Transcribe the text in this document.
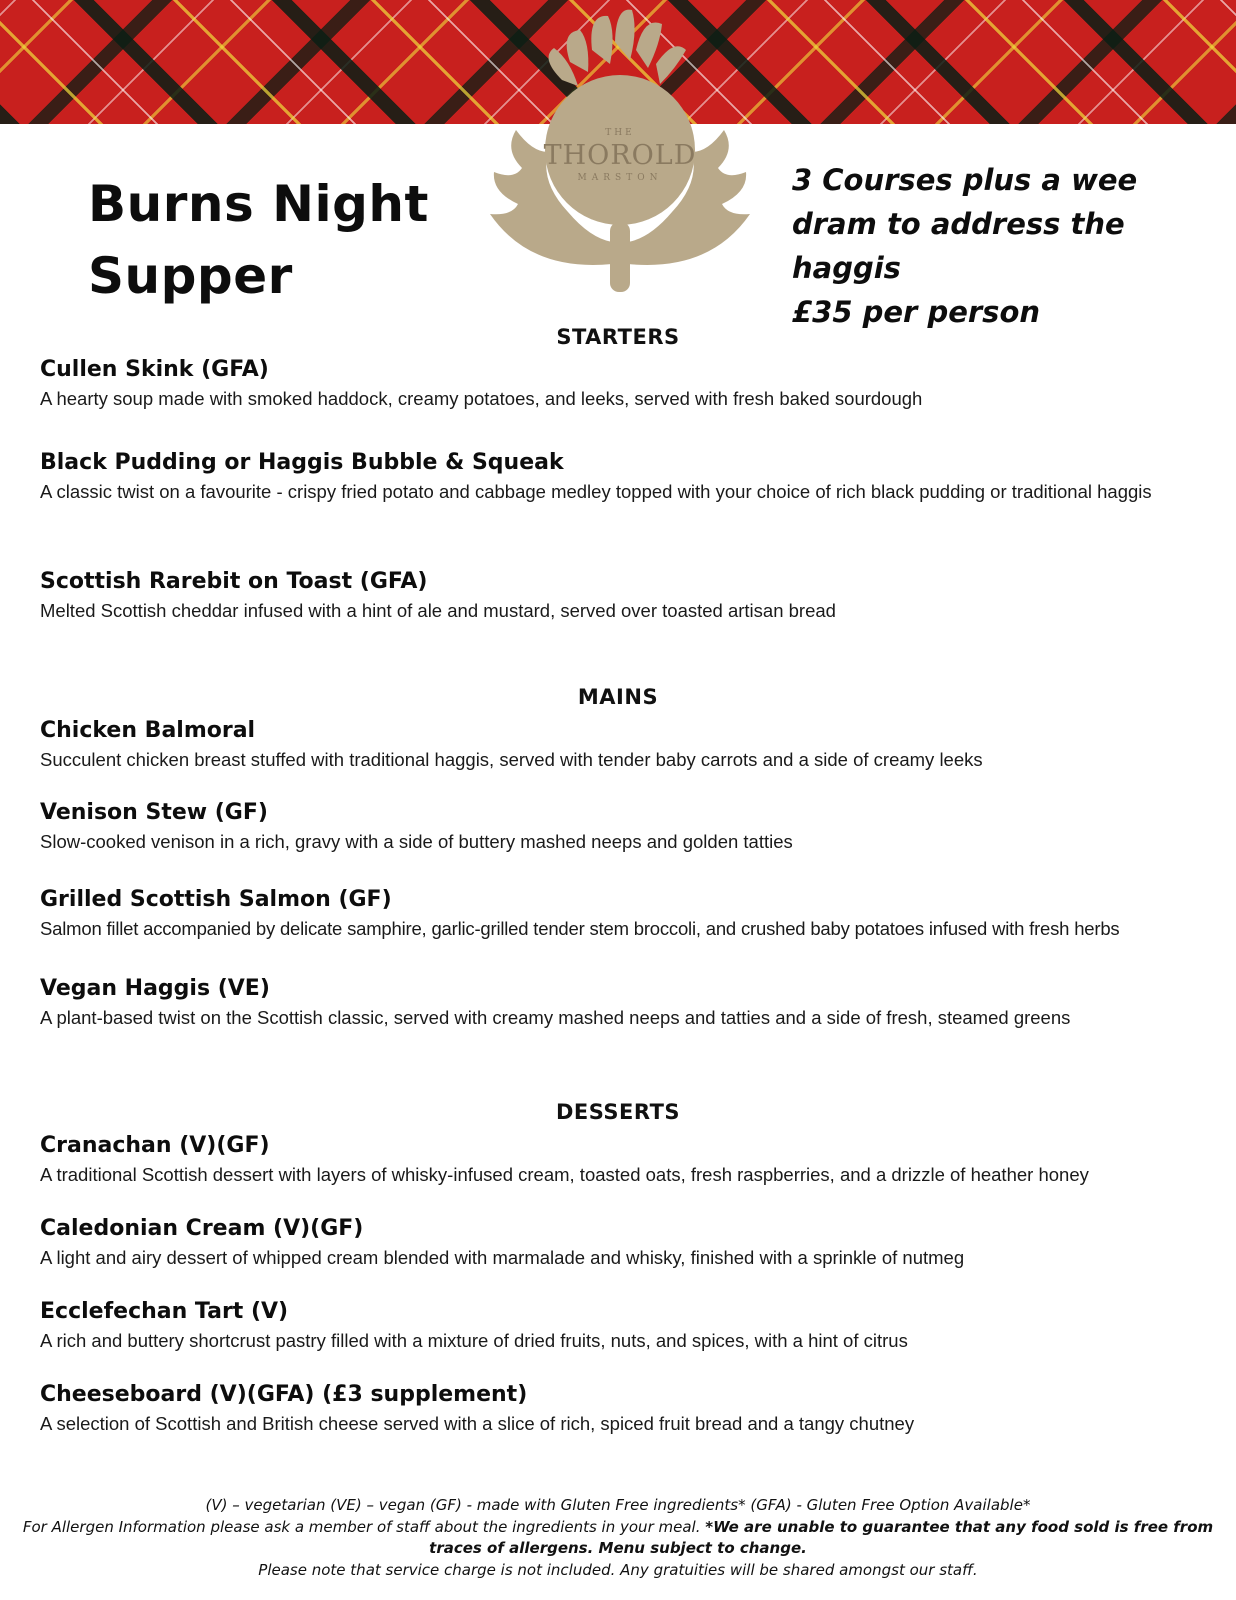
THE
THOROLD
MARSTON
Burns Night
Supper
3 Courses plus a wee
dram to address the
haggis
£35 per person
STARTERS

Cullen Skink (GFA)

A hearty soup made with smoked haddock, creamy potatoes, and leeks, served with fresh baked sourdough

Black Pudding or Haggis Bubble & Squeak

A classic twist on a favourite - crispy fried potato and cabbage medley topped with your choice of rich black pudding or traditional haggis

Scottish Rarebit on Toast (GFA)

Melted Scottish cheddar infused with a hint of ale and mustard, served over toasted artisan bread

MAINS

Chicken Balmoral

Succulent chicken breast stuffed with traditional haggis, served with tender baby carrots and a side of creamy leeks

Venison Stew (GF)

Slow-cooked venison in a rich, gravy with a side of buttery mashed neeps and golden tatties

Grilled Scottish Salmon (GF)

Salmon fillet accompanied by delicate samphire, garlic-grilled tender stem broccoli, and crushed baby potatoes infused with fresh herbs

Vegan Haggis (VE)

A plant-based twist on the Scottish classic, served with creamy mashed neeps and tatties and a side of fresh, steamed greens

DESSERTS

Cranachan (V)(GF)

A traditional Scottish dessert with layers of whisky-infused cream, toasted oats, fresh raspberries, and a drizzle of heather honey

Caledonian Cream (V)(GF)

A light and airy dessert of whipped cream blended with marmalade and whisky, finished with a sprinkle of nutmeg

Ecclefechan Tart (V)

A rich and buttery shortcrust pastry filled with a mixture of dried fruits, nuts, and spices, with a hint of citrus

Cheeseboard (V)(GFA) (£3 supplement)

A selection of Scottish and British cheese served with a slice of rich, spiced fruit bread and a tangy chutney

(V) – vegetarian (VE) – vegan (GF) - made with Gluten Free ingredients* (GFA) - Gluten Free Option Available*

For Allergen Information please ask a member of staff about the ingredients in your meal. *We are unable to guarantee that any food sold is free from traces of allergens. Menu subject to change.

Please note that service charge is not included. Any gratuities will be shared amongst our staff.
